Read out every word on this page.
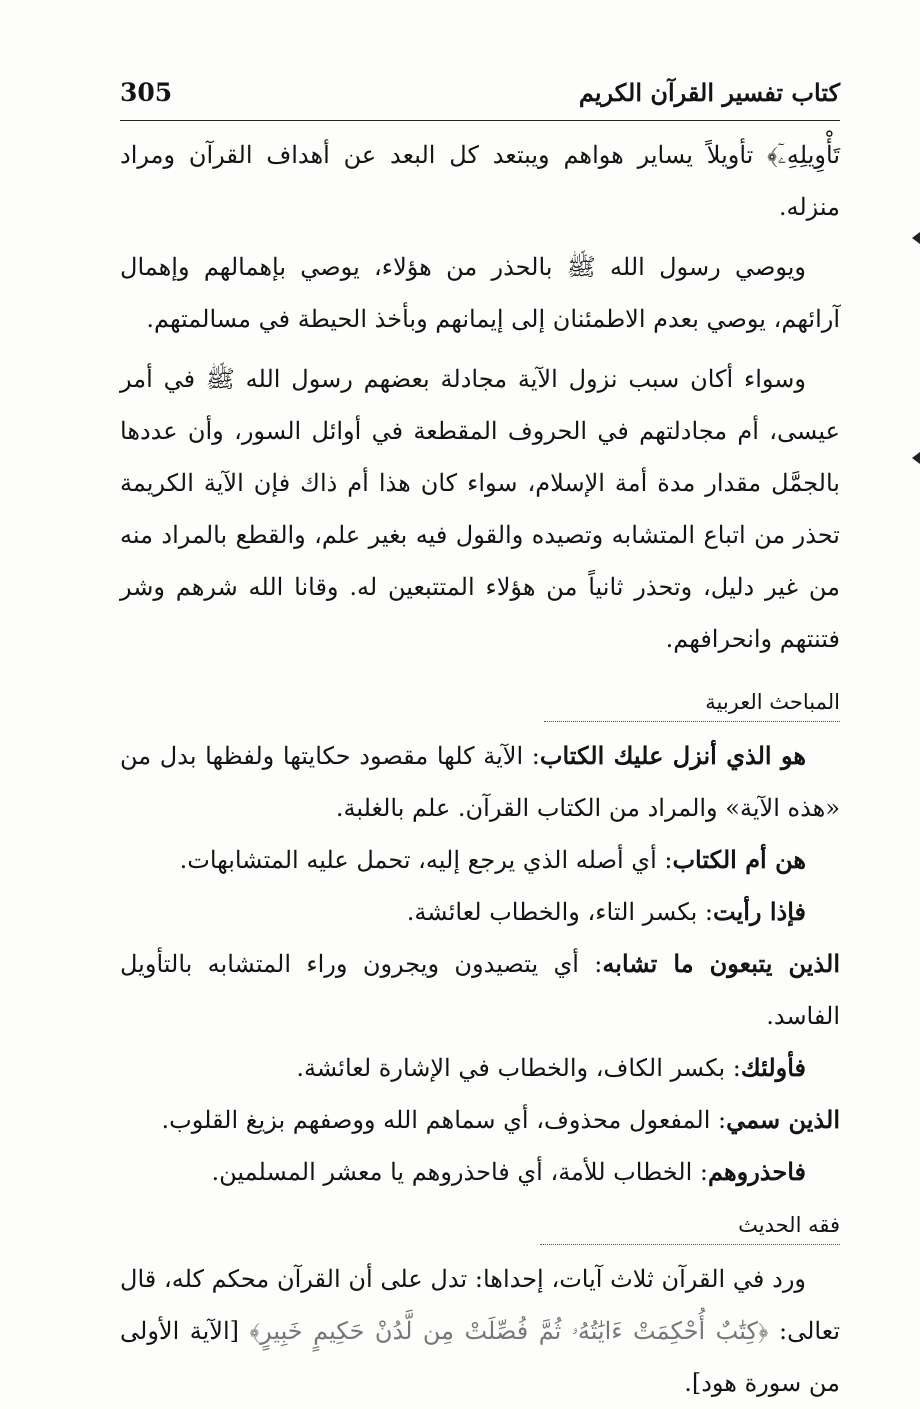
كتاب تفسير القرآن الكريم
305

تَأْوِيلِهِۦٓ﴾ تأويلاً يساير هواهم ويبتعد كل البعد عن أهداف القرآن ومراد منزله.

ويوصي رسول الله ﷺ بالحذر من هؤلاء، يوصي بإهمالهم وإهمال آرائهم، يوصي بعدم الاطمئنان إلى إيمانهم وبأخذ الحيطة في مسالمتهم.

وسواء أكان سبب نزول الآية مجادلة بعضهم رسول الله ﷺ في أمر عيسى، أم مجادلتهم في الحروف المقطعة في أوائل السور، وأن عددها بالجمَّل مقدار مدة أمة الإسلام، سواء كان هذا أم ذاك فإن الآية الكريمة تحذر من اتباع المتشابه وتصيده والقول فيه بغير علم، والقطع بالمراد منه من غير دليل، وتحذر ثانياً من هؤلاء المتتبعين له. وقانا الله شرهم وشر فتنتهم وانحرافهم.

المباحث العربية

هو الذي أنزل عليك الكتاب: الآية كلها مقصود حكايتها ولفظها بدل من «هذه الآية» والمراد من الكتاب القرآن. علم بالغلبة.

هن أم الكتاب: أي أصله الذي يرجع إليه، تحمل عليه المتشابهات.

فإذا رأيت: بكسر التاء، والخطاب لعائشة.

الذين يتبعون ما تشابه: أي يتصيدون ويجرون وراء المتشابه بالتأويل الفاسد.

فأولئك: بكسر الكاف، والخطاب في الإشارة لعائشة.

الذين سمي: المفعول محذوف، أي سماهم الله ووصفهم بزيغ القلوب.

فاحذروهم: الخطاب للأمة، أي فاحذروهم يا معشر المسلمين.

فقه الحديث

ورد في القرآن ثلاث آيات، إحداها: تدل على أن القرآن محكم كله، قال تعالى: ﴿كِتَٰبٌ أُحْكِمَتْ ءَايَٰتُهُۥ ثُمَّ فُصِّلَتْ مِن لَّدُنْ حَكِيمٍ خَبِيرٍ﴾ [الآية الأولى من سورة هود].
